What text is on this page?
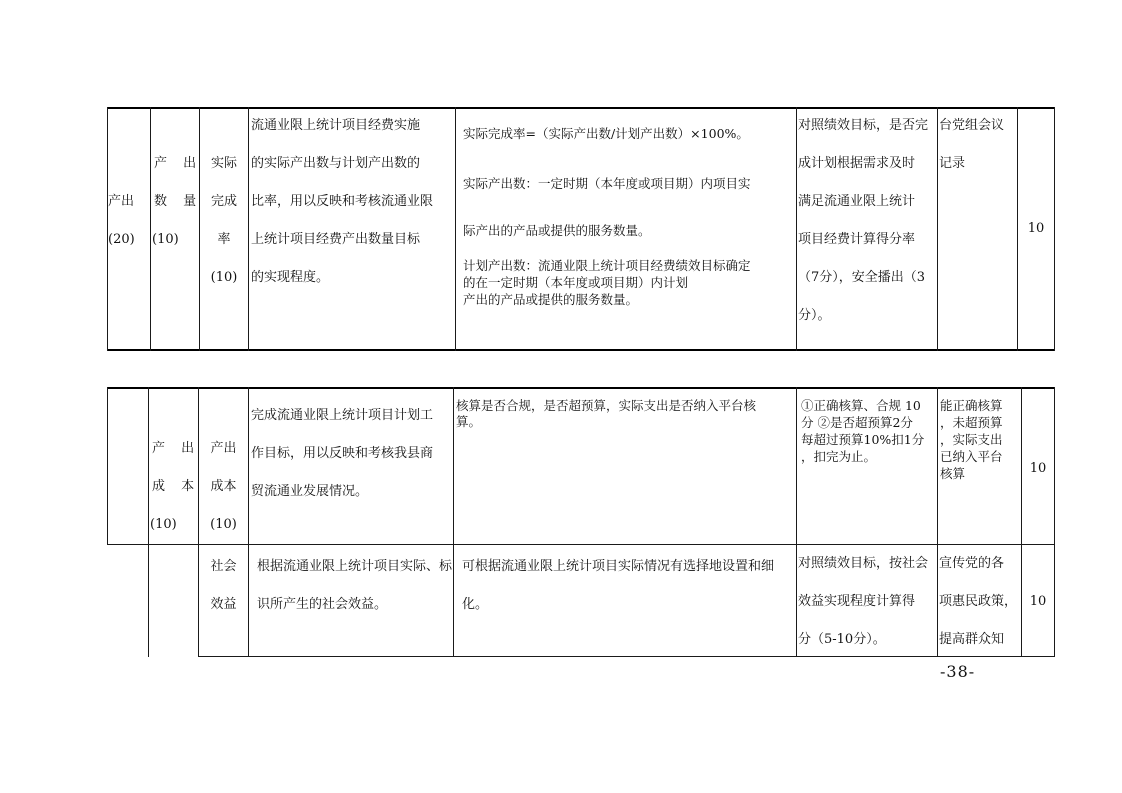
产出
(20)
产 出
数 量
(10)
实际
完成
率
(10)
流通业限上统计项目经费实施
的实际产出数与计划产出数的
比率，用以反映和考核流通业限
上统计项目经费产出数量目标
的实现程度。
实际完成率=（实际产出数/计划产出数）×100%。
实际产出数：一定时期（本年度或项目期）内项目实
际产出的产品或提供的服务数量。
计划产出数：流通业限上统计项目经费绩效目标确定
的在一定时期（本年度或项目期）内计划
产出的产品或提供的服务数量。
对照绩效目标，是否完
成计划根据需求及时
满足流通业限上统计
项目经费计算得分率
（7分），安全播出（3
分）。
台党组会议
记录
10
产 出
成 本
(10)
产出
成本
(10)
完成流通业限上统计项目计划工
作目标，用以反映和考核我县商
贸流通业发展情况。
核算是否合规，是否超预算，实际支出是否纳入平台核
算。
①正确核算、合规 10
分 ②是否超预算2分
每超过预算10%扣1分
，扣完为止。
能正确核算
，未超预算
，实际支出
已纳入平台
核算	10
社会
效益
根据流通业限上统计项目实际、标
识所产生的社会效益。
可根据流通业限上统计项目实际情况有选择地设置和细
化。
对照绩效目标，按社会
效益实现程度计算得
分（5-10分）。
宣传党的各
项惠民政策，
提高群众知
10
-38-
